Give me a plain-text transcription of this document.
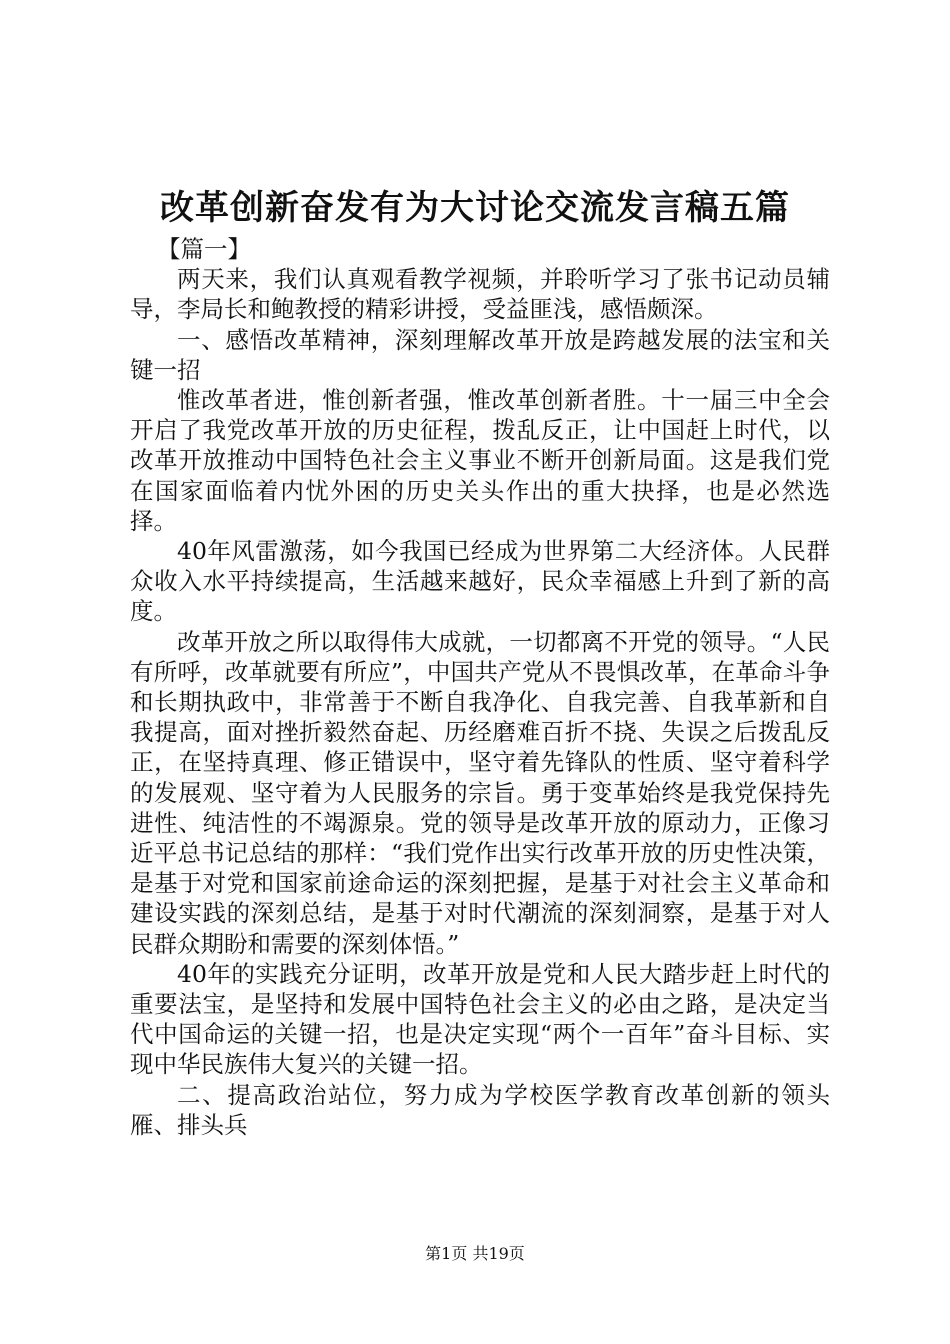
改革创新奋发有为大讨论交流发言稿五篇

【篇一】

两天来，我们认真观看教学视频，并聆听学习了张书记动员辅导，李局长和鲍教授的精彩讲授，受益匪浅，感悟颇深。

一、感悟改革精神，深刻理解改革开放是跨越发展的法宝和关键一招

惟改革者进，惟创新者强，惟改革创新者胜。十一届三中全会开启了我党改革开放的历史征程，拨乱反正，让中国赶上时代，以改革开放推动中国特色社会主义事业不断开创新局面。这是我们党在国家面临着内忧外困的历史关头作出的重大抉择，也是必然选择。

40年风雷激荡，如今我国已经成为世界第二大经济体。人民群众收入水平持续提高，生活越来越好，民众幸福感上升到了新的高度。

改革开放之所以取得伟大成就，一切都离不开党的领导。“人民有所呼，改革就要有所应”，中国共产党从不畏惧改革，在革命斗争和长期执政中，非常善于不断自我净化、自我完善、自我革新和自我提高，面对挫折毅然奋起、历经磨难百折不挠、失误之后拨乱反正，在坚持真理、修正错误中，坚守着先锋队的性质、坚守着科学的发展观、坚守着为人民服务的宗旨。勇于变革始终是我党保持先进性、纯洁性的不竭源泉。党的领导是改革开放的原动力，正像习近平总书记总结的那样：“我们党作出实行改革开放的历史性决策，是基于对党和国家前途命运的深刻把握，是基于对社会主义革命和建设实践的深刻总结，是基于对时代潮流的深刻洞察，是基于对人民群众期盼和需要的深刻体悟。”

40年的实践充分证明，改革开放是党和人民大踏步赶上时代的重要法宝，是坚持和发展中国特色社会主义的必由之路，是决定当代中国命运的关键一招，也是决定实现“两个一百年”奋斗目标、实现中华民族伟大复兴的关键一招。

二、提高政治站位，努力成为学校医学教育改革创新的领头雁、排头兵

第1页 共19页
